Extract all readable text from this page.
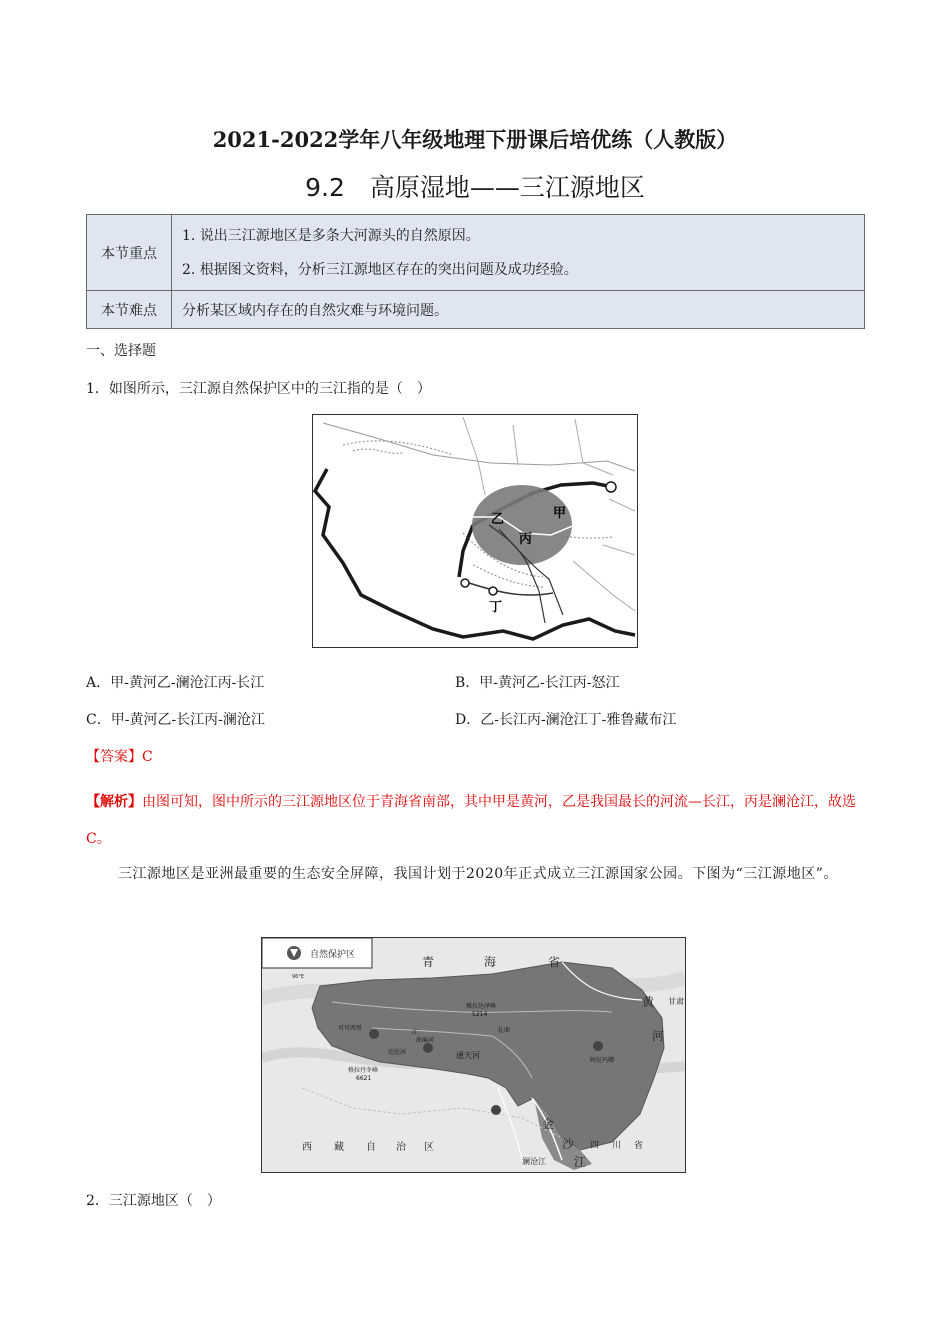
2021-2022学年八年级地理下册课后培优练（人教版）
9.2　高原湿地——三江源地区
本节重点	1. 说出三江源地区是多条大河源头的自然原因。
2. 根据图文资料，分析三江源地区存在的突出问题及成功经验。

本节难点	分析某区域内存在的自然灾难与环境问题。
一、选择题
1．如图所示，三江源自然保护区中的三江指的是（　）
甲
乙
丙
丁
A．甲-黄河乙-澜沧江丙-长江	B．甲-黄河乙-长江丙-怒江
C．甲-黄河乙-长江丙-澜沧江	D．乙-长江丙-澜沧江丁-雅鲁藏布江
【答案】C
【解析】由图可知，图中所示的三江源地区位于青海省南部，其中甲是黄河，乙是我国最长的河流—长江，丙是澜沧江，故选C。
三江源地区是亚洲最重要的生态安全屏障，我国计划于2020年正式成立三江源国家公园。下图为“三江源地区”。
自然保护区
96°E
青	海	省
黄
河
甘肃
西 藏 自 治 区
金
沙
江
四 川 省
澜沧江
格拉丹冬峰
6621
雅拉达泽峰
5214
可可西里	扎曲
曲麻河
沱沱河
阿尼玛卿
通天河
江
2．三江源地区（　）
